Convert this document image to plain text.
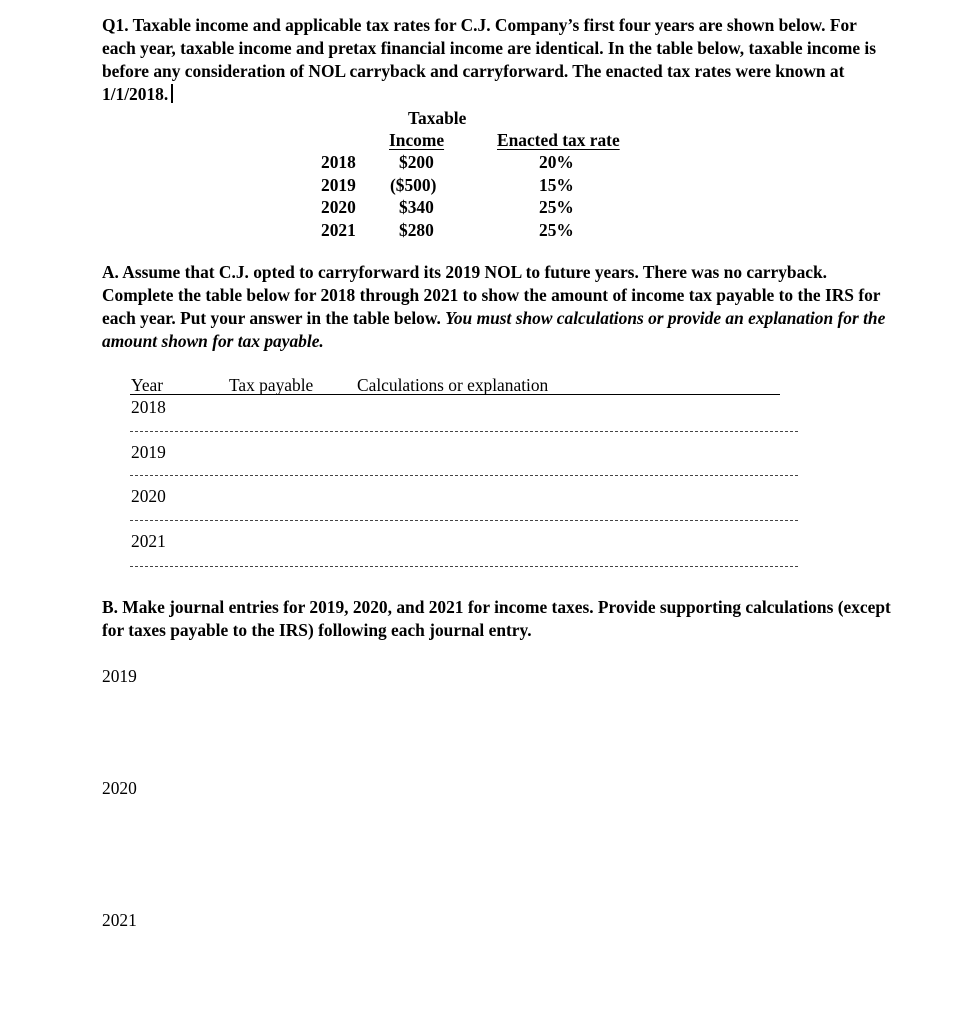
Q1. Taxable income and applicable tax rates for C.J. Company’s first four years are shown below. For each year, taxable income and pretax financial income are identical. In the table below, taxable income is before any consideration of NOL carryback and carryforward. The enacted tax rates were known at 1/1/2018.
Taxable
Income	Enacted tax rate
2018 $200	20%
2019 ($500)	15%
2020 $340	25%
2021 $280	25%
A. Assume that C.J. opted to carryforward its 2019 NOL to future years. There was no carryback. Complete the table below for 2018 through 2021 to show the amount of income tax payable to the IRS for each year. Put your answer in the table below. You must show calculations or provide an explanation for the amount shown for tax payable.
Year	Tax payable	Calculations or explanation
2018
2019
2020
2021
B. Make journal entries for 2019, 2020, and 2021 for income taxes. Provide supporting calculations (except for taxes payable to the IRS) following each journal entry.
2019
2020
2021
